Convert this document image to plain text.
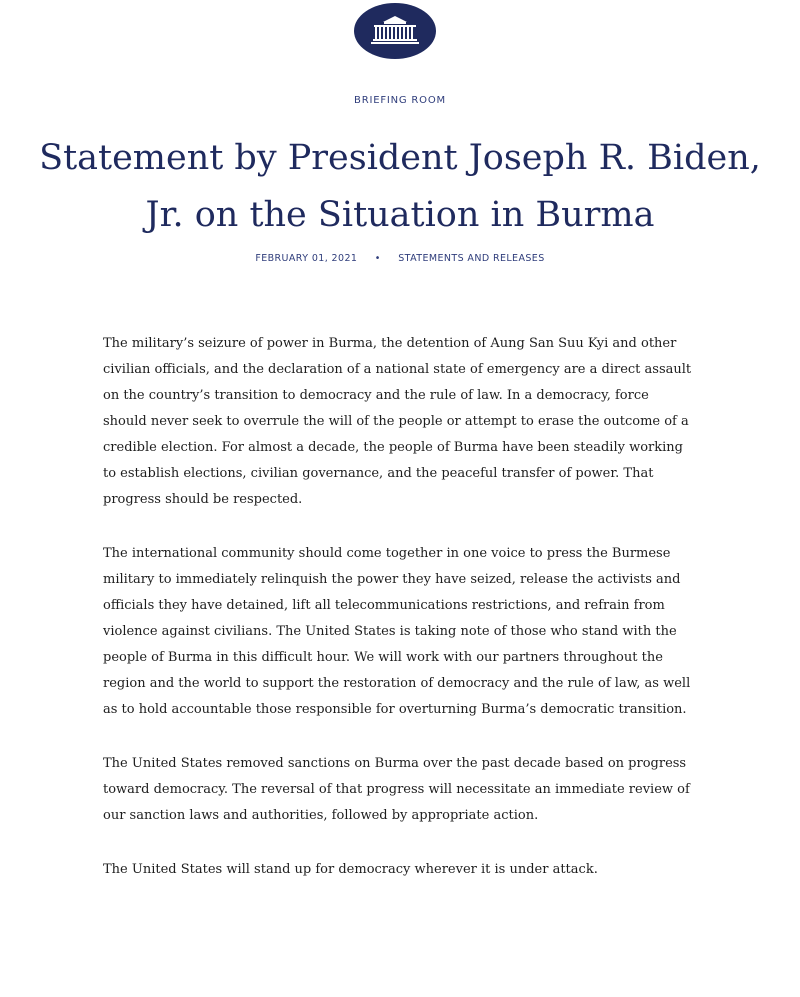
BRIEFING ROOM
Statement by President Joseph R. Biden, Jr. on the Situation in Burma
FEBRUARY 01, 2021 • STATEMENTS AND RELEASES

The military’s seizure of power in Burma, the detention of Aung San Suu Kyi and other civilian officials, and the declaration of a national state of emergency are a direct assault on the country’s transition to democracy and the rule of law. In a democracy, force should never seek to overrule the will of the people or attempt to erase the outcome of a credible election. For almost a decade, the people of Burma have been steadily working to establish elections, civilian governance, and the peaceful transfer of power. That progress should be respected.

The international community should come together in one voice to press the Burmese military to immediately relinquish the power they have seized, release the activists and officials they have detained, lift all telecommunications restrictions, and refrain from violence against civilians. The United States is taking note of those who stand with the people of Burma in this difficult hour. We will work with our partners throughout the region and the world to support the restoration of democracy and the rule of law, as well as to hold accountable those responsible for overturning Burma’s democratic transition.

The United States removed sanctions on Burma over the past decade based on progress toward democracy. The reversal of that progress will necessitate an immediate review of our sanction laws and authorities, followed by appropriate action.

The United States will stand up for democracy wherever it is under attack.
